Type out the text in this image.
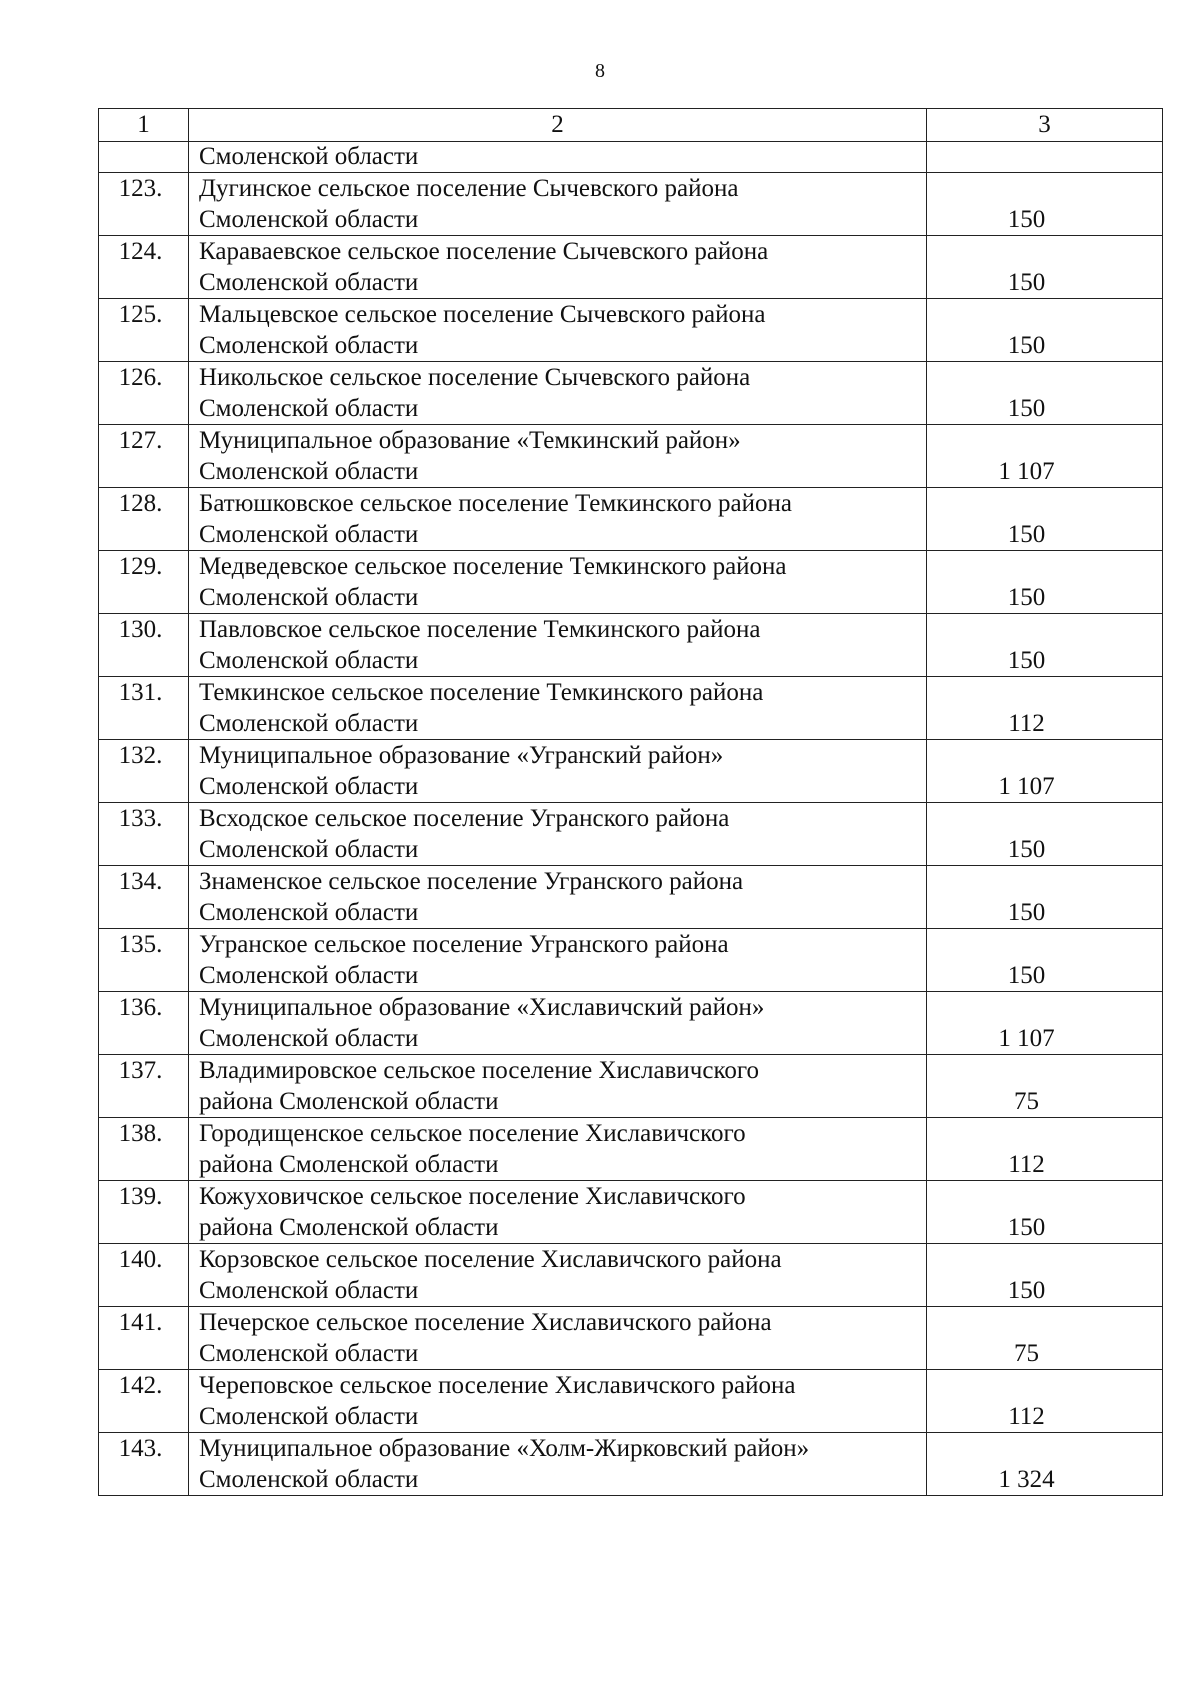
8
1	2	3
	Смоленской области	
123.	Дугинское сельское поселение Сычевского района
Смоленской области	150
124.	Караваевское сельское поселение Сычевского района
Смоленской области	150
125.	Мальцевское сельское поселение Сычевского района
Смоленской области	150
126.	Никольское сельское поселение Сычевского района
Смоленской области	150
127.	Муниципальное образование «Темкинский район»
Смоленской области	1 107
128.	Батюшковское сельское поселение Темкинского района
Смоленской области	150
129.	Медведевское сельское поселение Темкинского района
Смоленской области	150
130.	Павловское сельское поселение Темкинского района
Смоленской области	150
131.	Темкинское сельское поселение Темкинского района
Смоленской области	112
132.	Муниципальное образование «Угранский район»
Смоленской области	1 107
133.	Всходское сельское поселение Угранского района
Смоленской области	150
134.	Знаменское сельское поселение Угранского района
Смоленской области	150
135.	Угранское сельское поселение Угранского района
Смоленской области	150
136.	Муниципальное образование «Хиславичский район»
Смоленской области	1 107
137.	Владимировское сельское поселение Хиславичского
района Смоленской области	75
138.	Городищенское сельское поселение Хиславичского
района Смоленской области	112
139.	Кожуховичское сельское поселение Хиславичского
района Смоленской области	150
140.	Корзовское сельское поселение Хиславичского района
Смоленской области	150
141.	Печерское сельское поселение Хиславичского района
Смоленской области	75
142.	Череповское сельское поселение Хиславичского района
Смоленской области	112
143.	Муниципальное образование «Холм-Жирковский район»
Смоленской области	1 324
